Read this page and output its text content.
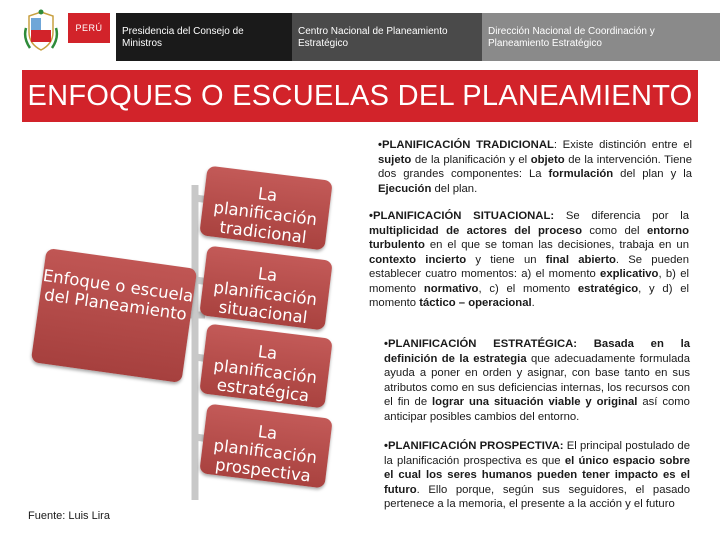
PERÚ	Presidencia del Consejo de Ministros
Centro Nacional de Planeamiento Estratégico
Dirección Nacional de Coordinación y Planeamiento Estratégico
ENFOQUES O ESCUELAS DEL PLANEAMIENTO
Enfoque o escuela del Planeamiento
La planificación tradicional
La planificación situacional
La planificación estratégica
La planificación prospectiva
•PLANIFICACIÓN TRADICIONAL: Existe distinción entre el sujeto de la planificación y el objeto de la intervención. Tiene dos grandes componentes: La formulación del plan y la Ejecución del plan.
•PLANIFICACIÓN SITUACIONAL: Se diferencia por la multiplicidad de actores del proceso como del entorno turbulento en el que se toman las decisiones, trabaja en un contexto incierto y tiene un final abierto. Se pueden establecer cuatro momentos: a) el momento explicativo, b) el momento normativo, c) el momento estratégico, y d) el momento táctico – operacional.
•PLANIFICACIÓN ESTRATÉGICA: Basada en la definición de la estrategia que adecuadamente formulada ayuda a poner en orden y asignar, con base tanto en sus atributos como en sus deficiencias internas, los recursos con el fin de lograr una situación viable y original así como anticipar posibles cambios del entorno.
•PLANIFICACIÓN PROSPECTIVA: El principal postulado de la planificación prospectiva es que el único espacio sobre el cual los seres humanos pueden tener impacto es el futuro. Ello porque, según sus seguidores, el pasado pertenece a la memoria, el presente a la acción y el futuro
Fuente: Luis Lira
